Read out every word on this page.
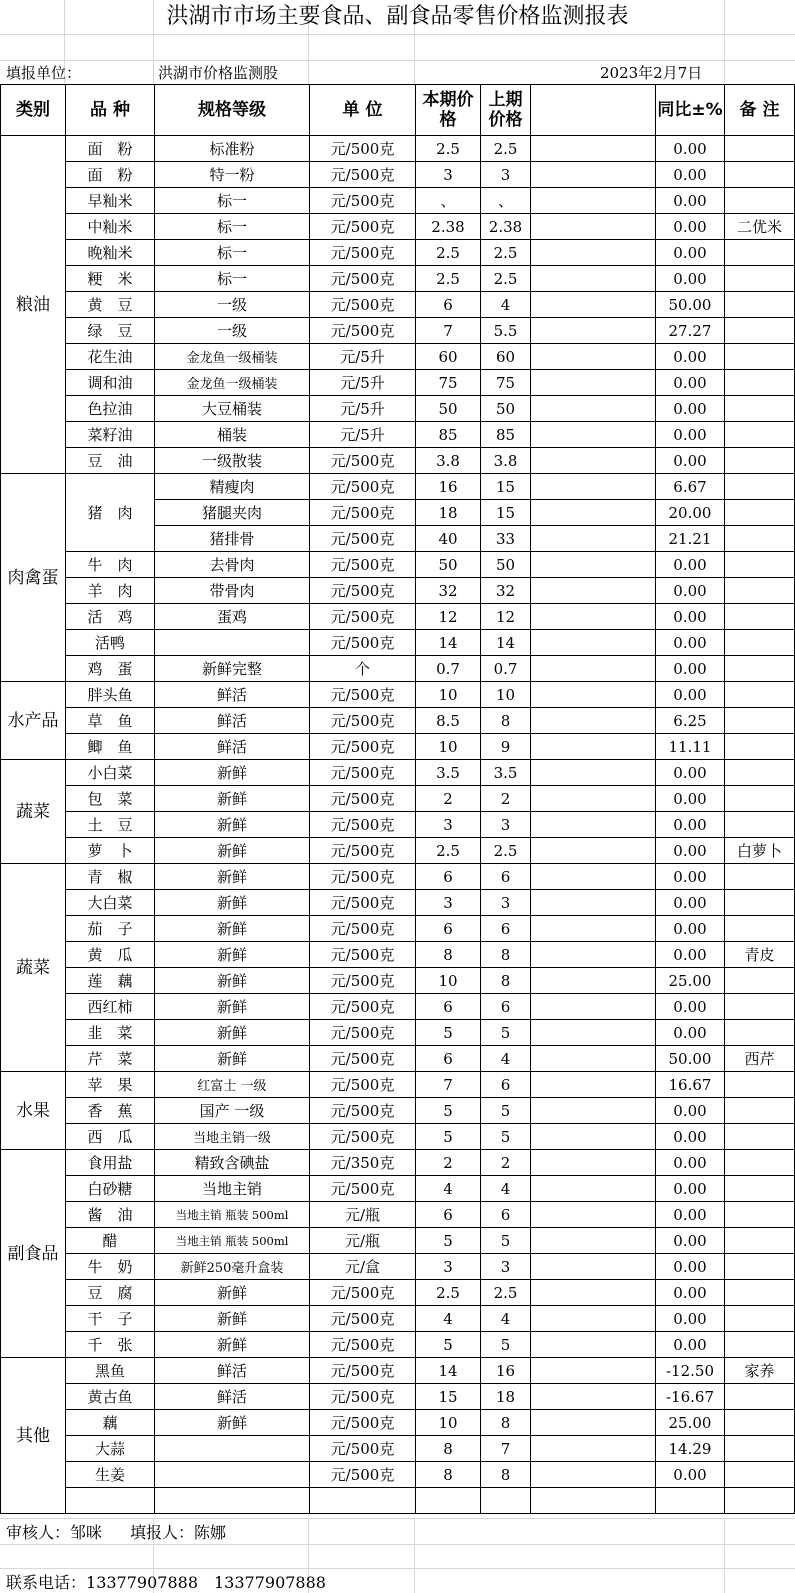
洪湖市市场主要食品、副食品零售价格监测报表
填报单位：	洪湖市价格监测股	2023年2月7日
类别	品 种	规格等级	单 位	本期价格	上期价格		同比±%	备 注
粮油	面　粉	标准粉	元/500克	2.5	2.5		0.00	
	面　粉	特一粉	元/500克	3	3		0.00	
	早籼米	标一	元/500克	、	、		0.00	
	中籼米	标一	元/500克	2.38	2.38		0.00	二优米
	晚籼米	标一	元/500克	2.5	2.5		0.00	
	粳　米	标一	元/500克	2.5	2.5		0.00	
	黄　豆	一级	元/500克	6	4		50.00	
	绿　豆	一级	元/500克	7	5.5		27.27	
	花生油	金龙鱼一级桶装	元/5升	60	60		0.00	
	调和油	金龙鱼一级桶装	元/5升	75	75		0.00	
	色拉油	大豆桶装	元/5升	50	50		0.00	
	菜籽油	桶装	元/5升	85	85		0.00	
	豆　油	一级散装	元/500克	3.8	3.8		0.00	
肉禽蛋	猪　肉	精瘦肉	元/500克	16	15		6.67	
		猪腿夹肉	元/500克	18	15		20.00	
		猪排骨	元/500克	40	33		21.21	
	牛　肉	去骨肉	元/500克	50	50		0.00	
	羊　肉	带骨肉	元/500克	32	32		0.00	
	活　鸡	蛋鸡	元/500克	12	12		0.00	
	活鸭		元/500克	14	14		0.00	
	鸡　蛋	新鲜完整	个	0.7	0.7		0.00	
水产品	胖头鱼	鲜活	元/500克	10	10		0.00	
	草　鱼	鲜活	元/500克	8.5	8		6.25	
	鲫　鱼	鲜活	元/500克	10	9		11.11	
蔬菜	小白菜	新鲜	元/500克	3.5	3.5		0.00	
	包　菜	新鲜	元/500克	2	2		0.00	
	土　豆	新鲜	元/500克	3	3		0.00	
	萝　卜	新鲜	元/500克	2.5	2.5		0.00	白萝卜
蔬菜	青　椒	新鲜	元/500克	6	6		0.00	
	大白菜	新鲜	元/500克	3	3		0.00	
	茄　子	新鲜	元/500克	6	6		0.00	
	黄　瓜	新鲜	元/500克	8	8		0.00	青皮
	莲　藕	新鲜	元/500克	10	8		25.00	
	西红柿	新鲜	元/500克	6	6		0.00	
	韭　菜	新鲜	元/500克	5	5		0.00	
	芹　菜	新鲜	元/500克	6	4		50.00	西芹
水果	苹　果	红富士 一级	元/500克	7	6		16.67	
	香　蕉	国产 一级	元/500克	5	5		0.00	
	西　瓜	当地主销一级	元/500克	5	5		0.00	
副食品	食用盐	精致含碘盐	元/350克	2	2		0.00	
	白砂糖	当地主销	元/500克	4	4		0.00	
	酱　油	当地主销 瓶装 500ml	元/瓶	6	6		0.00	
	醋	当地主销 瓶装 500ml	元/瓶	5	5		0.00	
	牛　奶	新鲜250毫升盒装	元/盒	3	3		0.00	
	豆　腐	新鲜	元/500克	2.5	2.5		0.00	
	干　子	新鲜	元/500克	4	4		0.00	
	千　张	新鲜	元/500克	5	5		0.00	
其他	黑鱼	鲜活	元/500克	14	16		-12.50	家养
	黄古鱼	鲜活	元/500克	15	18		-16.67	
	藕	新鲜	元/500克	10	8		25.00	
	大蒜		元/500克	8	7		14.29	
	生姜		元/500克	8	8		0.00	

审核人：邹咪 填报人：陈娜
联系电话：13377907888　13377907888
